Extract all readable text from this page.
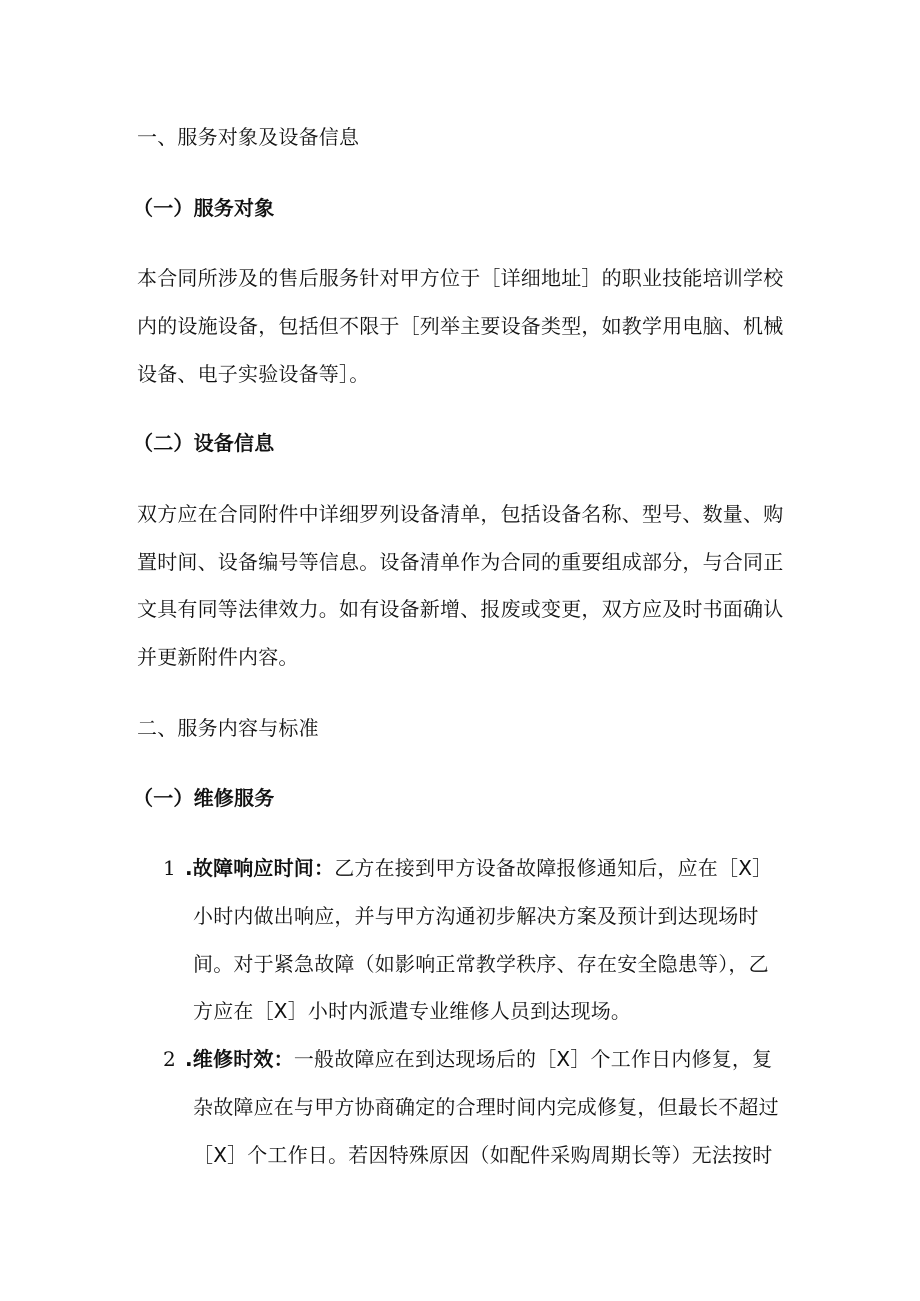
一、服务对象及设备信息
（一）服务对象
本合同所涉及的售后服务针对甲方位于［详细地址］的职业技能培训学校
内的设施设备，包括但不限于［列举主要设备类型，如教学用电脑、机械
设备、电子实验设备等］。
（二）设备信息
双方应在合同附件中详细罗列设备清单，包括设备名称、型号、数量、购
置时间、设备编号等信息。设备清单作为合同的重要组成部分，与合同正
文具有同等法律效力。如有设备新增、报废或变更，双方应及时书面确认
并更新附件内容。
二、服务内容与标准
（一）维修服务
1 .故障响应时间：乙方在接到甲方设备故障报修通知后，应在［X］
小时内做出响应，并与甲方沟通初步解决方案及预计到达现场时
间。对于紧急故障（如影响正常教学秩序、存在安全隐患等），乙
方应在［X］小时内派遣专业维修人员到达现场。
2 .维修时效：一般故障应在到达现场后的［X］个工作日内修复，复
杂故障应在与甲方协商确定的合理时间内完成修复，但最长不超过
［X］个工作日。若因特殊原因（如配件采购周期长等）无法按时
